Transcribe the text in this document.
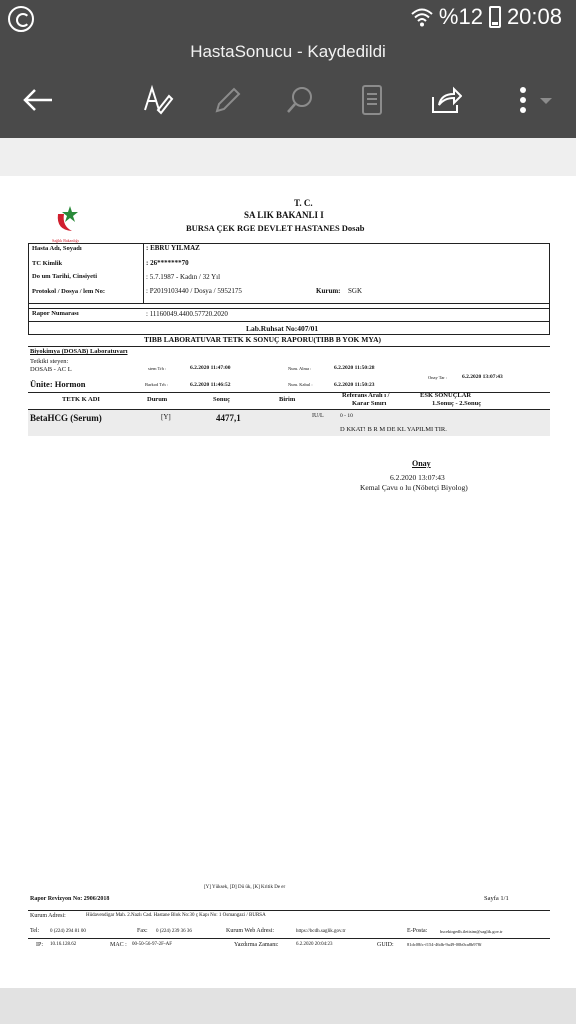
%12 20:08
HastaSonucu - Kaydedildi
Sağlık Bakanlığı
T. C.
SA LIK BAKANLI I
BURSA ÇEK RGE DEVLET HASTANES Dosab
Hasta Adı, Soyadı	: EBRU YILMAZ
TC Kimlik	: 26*******70
Do um Tarihi, Cinsiyeti	: 5.7.1987 - Kadın / 32 Yıl
Protokol / Dosya / lem No:	: P2019103440 / Dosya / 5952175	Kurum: SGK
Rapor Numarası	: 11160049.4400.57720.2020
Lab.Ruhsat No:407/01
TIBB LABORATUVAR TETK K SONUÇ RAPORU(TIBB B YOK MYA)
Biyokimya (DOSAB) Laboratuvarı
Tetkiki steyen:
DOSAB - AC L
Ünite: Hormon
stem Trh :	6.2.2020 11:47:00
Barkod Trh :	6.2.2020 11:46:52
Num. Alma :	6.2.2020 11:50:28
Num. Kabul :	6.2.2020 11:50:23
Onay Tar :	6.2.2020 13:07:43
TETK K ADI	Durum	Sonuç	Birim
Referans Aralı ı /
Karar Sınırı
ESK SONUÇLAR
1.Sonuç - 2.Sonuç
BetaHCG (Serum)	[Y]	4477,1	IU/L	0 - 10
D KKAT! B R M DE KL YAPILMI TIR.
Onay
6.2.2020 13:07:43
Kemal Çavu o lu (Nöbetçi Biyolog)
[Y] Yüksek, [D] Dü ük, [K] Kritik De er
Rapor Revizyon No: 2906/2018	Sayfa 1/1
Kurum Adresi:	Hüdavendigar Mah. 2.Nazlı Cad. Hastane Blok No:30 ç Kapı No: 1 Osmangazi / BURSA
Tel: 0 (224) 294 81 00	Fax: 0 (224) 239 36 36	Kurum Web Adresi:	https://bcdh.saglik.gov.tr	E-Posta:	bscekirgedh.iletisim@saglik.gov.tr
IP: 10.16.128.62	MAC : 00-50-56-97-2F-AF	Yazdırma Zamanı:	6.2.2020 20:04:23	GUID:	81dc08fc-f154-46db-9a49-00b0ca8b978f
